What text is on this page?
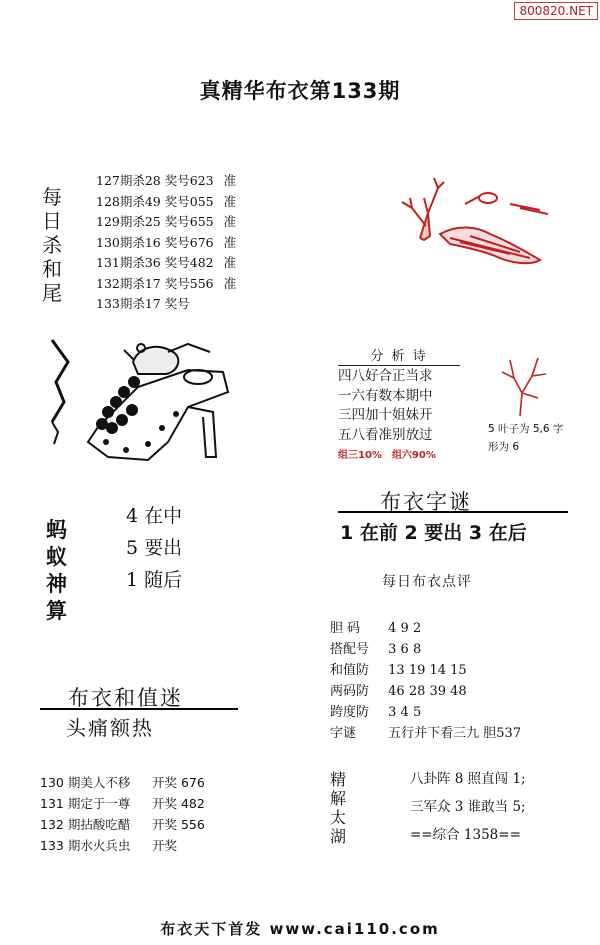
800820.NET
真精华布衣第133期
每日杀和尾
127期杀28 奖号623 准
128期杀49 奖号055 准
129期杀25 奖号655 准
130期杀16 奖号676 准
131期杀36 奖号482 准
132期杀17 奖号556 准
133期杀17 奖号
分 析 诗
四八好合正当求
一六有数本期中
三四加十姐妹开
五八看准别放过
组三10% 组六90%
5 叶子为 5,6 字
形为 6
蚂蚁神算
4 在中
5 要出
1 随后
布衣字谜
1 在前 2 要出 3 在后
每日布衣点评
胆 码 4 9 2
搭配号 3 6 8
和值防 13 19 14 15
两码防 46 28 39 48
跨度防 3 4 5
字谜 五行并下看三九 胆537
布衣和值迷
头痛额热
130 期美人不移 开奖 676
131 期定于一尊 开奖 482
132 期拈酸吃醋 开奖 556
133 期水火兵虫 开奖
精解太湖
八卦阵 8 照直闯 1;
三军众 3 谁敢当 5;
==综合 1358==
布衣天下首发 www.cai110.com
